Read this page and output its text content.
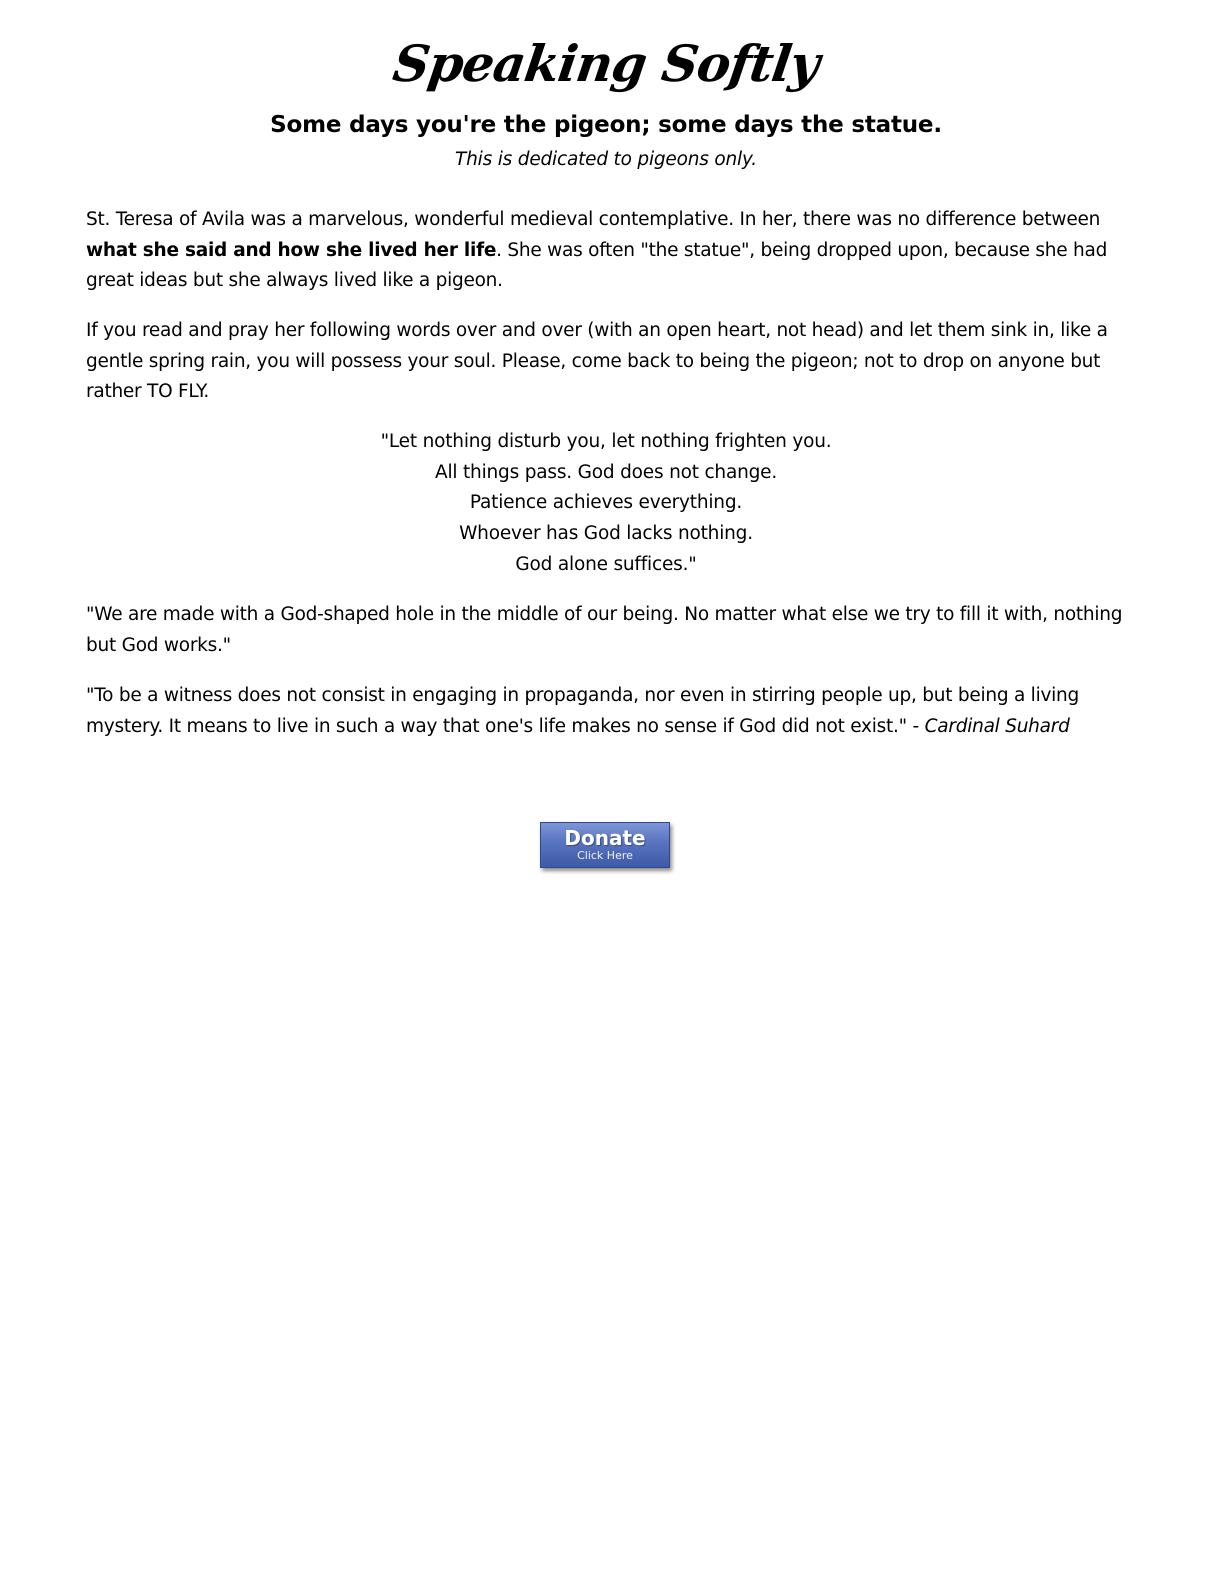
Speaking Softly
Some days you're the pigeon; some days the statue.
This is dedicated to pigeons only.

St. Teresa of Avila was a marvelous, wonderful medieval contemplative. In her, there was no difference between what she said and how she lived her life. She was often "the statue", being dropped upon, because she had great ideas but she always lived like a pigeon.

If you read and pray her following words over and over (with an open heart, not head) and let them sink in, like a gentle spring rain, you will possess your soul. Please, come back to being the pigeon; not to drop on anyone but rather TO FLY.

"Let nothing disturb you, let nothing frighten you.
All things pass. God does not change.
Patience achieves everything.
Whoever has God lacks nothing.
God alone suffices."

"We are made with a God-shaped hole in the middle of our being. No matter what else we try to fill it with, nothing but God works."

"To be a witness does not consist in engaging in propaganda, nor even in stirring people up, but being a living mystery. It means to live in such a way that one's life makes no sense if God did not exist." - Cardinal Suhard

Donate
Click Here
